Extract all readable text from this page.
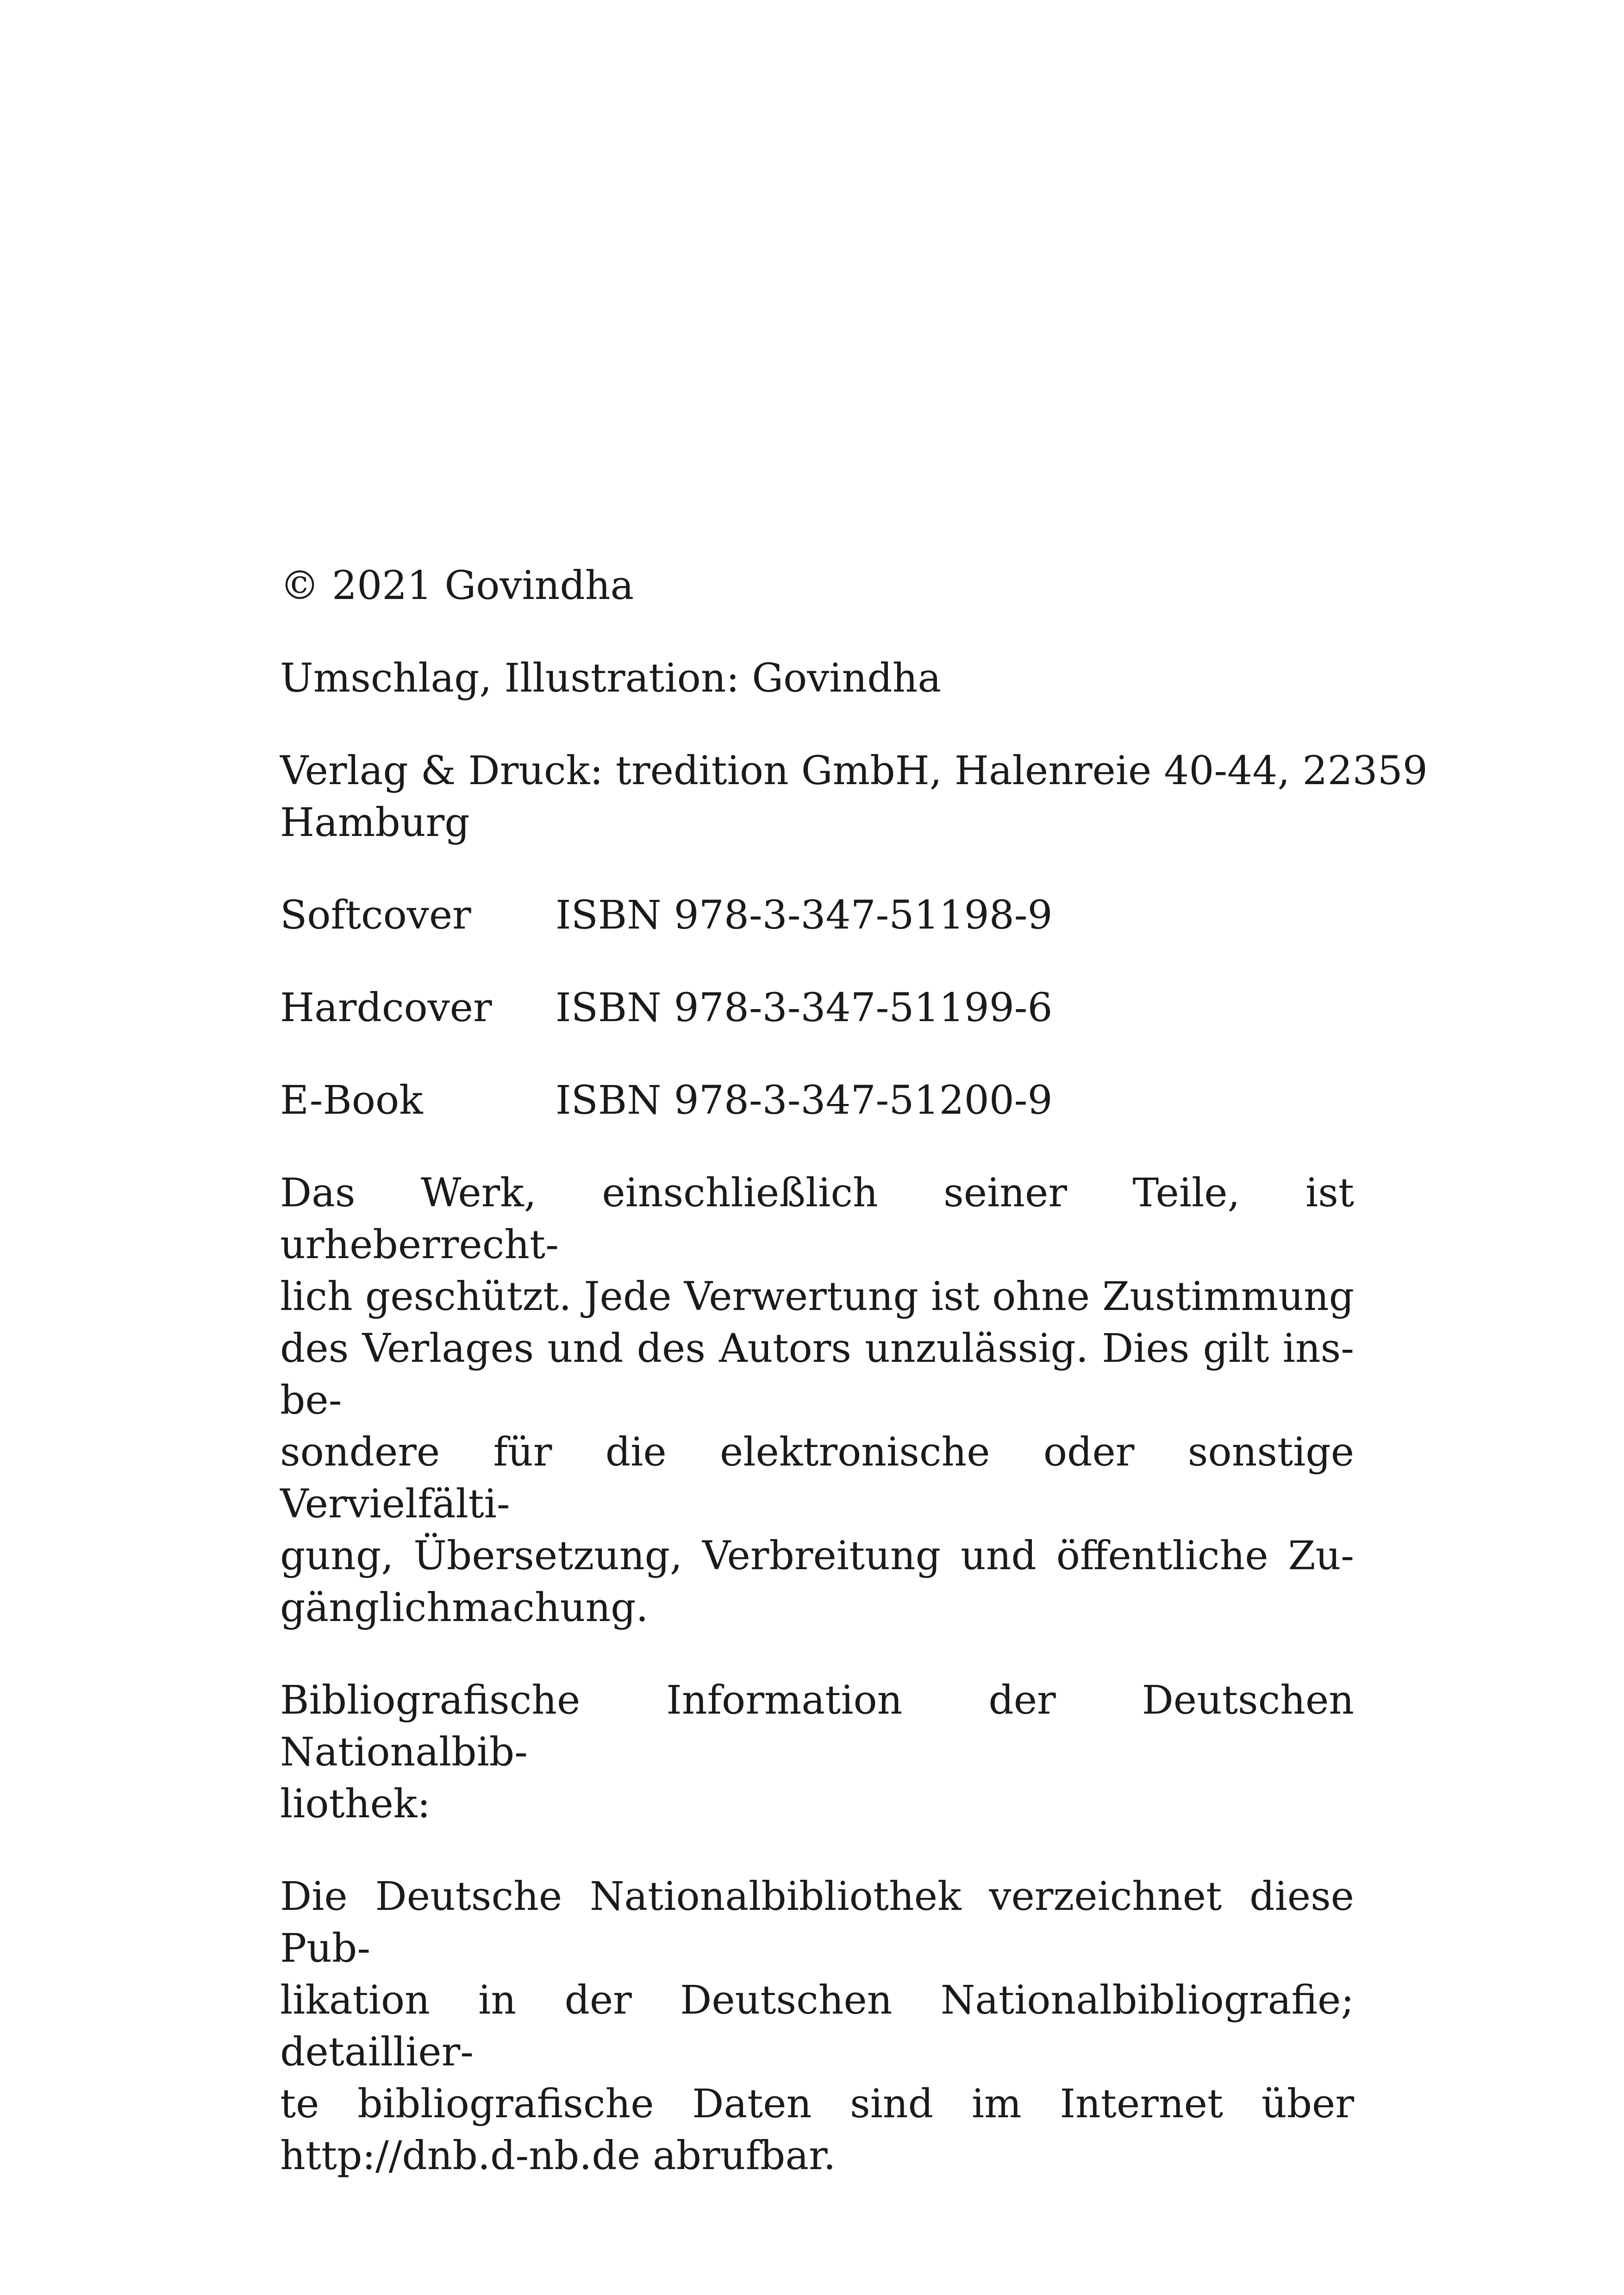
© 2021 Govindha

Umschlag, Illustration: Govindha

Verlag & Druck: tredition GmbH, Halenreie 40-44, 22359
Hamburg

Softcover	ISBN 978-3-347-51198-9
Hardcover	ISBN 978-3-347-51199-6
E-Book	ISBN 978-3-347-51200-9

Das Werk, einschließlich seiner Teile, ist urheberrecht-
lich geschützt. Jede Verwertung ist ohne Zustimmung
des Verlages und des Autors unzulässig. Dies gilt ins-be-
sondere für die elektronische oder sonstige Vervielfälti-
gung, Übersetzung, Verbreitung und öffentliche Zu-
gänglichmachung.

Bibliografische Information der Deutschen Nationalbib-
liothek:

Die Deutsche Nationalbibliothek verzeichnet diese Pub-
likation in der Deutschen Nationalbibliografie; detaillier-
te bibliografische Daten sind im Internet über
http://dnb.d-nb.de abrufbar.
